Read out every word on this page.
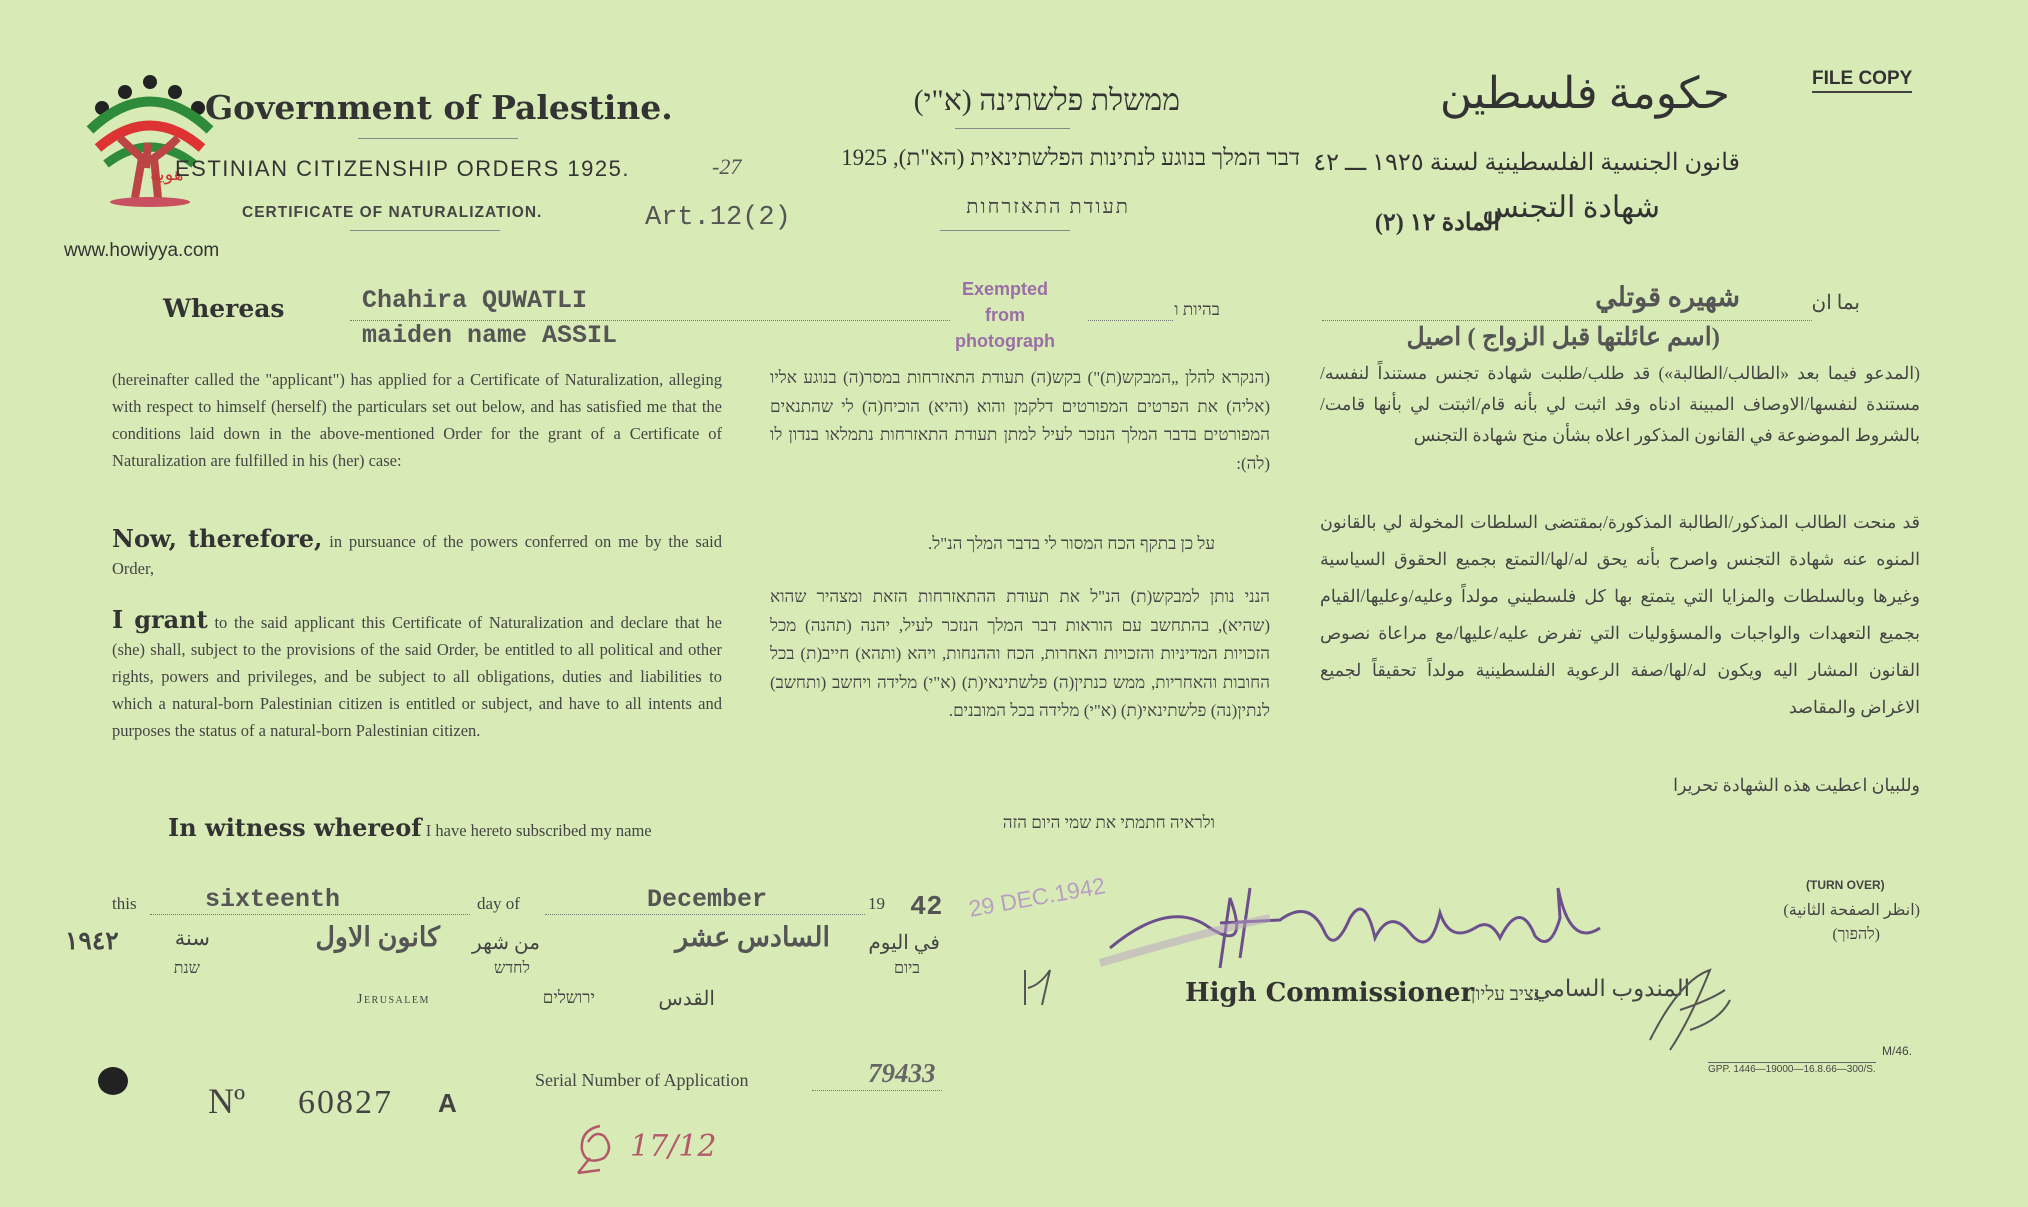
هوية
www.howiyya.com
Government of Palestine.	ממשלת פלשתינה (א"י)	حكومة فلسطين	FILE COPY
ESTINIAN CITIZENSHIP ORDERS 1925.	-27	דבר המלך בנוגע לנתינות הפלשתינאית (הא"ת), 1925 قانون الجنسية الفلسطينية لسنة ١٩٢٥ ـــ ٤٢
CERTIFICATE OF NATURALIZATION.	Art.12(2)	תעודת התאזרחות	شهادة التجنس
المادة ١٢ (٢)
Whereas	Chahira QUWATLI
maiden name ASSIL
Exempted
from
photograph
בהיות ו	بما ان
شهيره قوتلي
(اسم عائلتها قبل الزواج ) اصيل
(hereinafter called the "applicant") has applied for a Certificate of Naturalization, alleging with respect to himself (herself) the particulars set out below, and has satisfied me that the conditions laid down in the above-mentioned Order for the grant of a Certificate of Naturalization are fulfilled in his (her) case:
Now, therefore, in pursuance of the powers conferred on me by the said Order,
I grant to the said applicant this Certificate of Naturalization and declare that he (she) shall, subject to the provisions of the said Order, be entitled to all political and other rights, powers and privileges, and be subject to all obligations, duties and liabilities to which a natural-born Palestinian citizen is entitled or subject, and have to all intents and purposes the status of a natural-born Palestinian citizen.
In witness whereof I have hereto subscribed my name
(הנקרא להלן „המבקש(ת)") בקש(ה) תעודת התאזרחות במסר(ה) בנוגע אליו (אליה) את הפרטים המפורטים דלקמן והוא (והיא) הוכיח(ה) לי שהתנאים המפורטים בדבר המלך הנזכר לעיל למתן תעודת התאזרחות נתמלאו בנדון לו (לה):
על כן בתקף הכח המסור לי בדבר המלך הנ"ל.
הנני נותן למבקש(ת) הנ"ל את תעודת ההתאזרחות הזאת ומצהיר שהוא (שהיא), בהתחשב עם הוראות דבר המלך הנזכר לעיל, יהנה (תהנה) מכל הזכויות המדיניות והזכויות האחרות, הכח וההנחות, ויהא (ותהא) חייב(ת) בכל החובות והאחריות, ממש כנתין(ה) פלשתינאי(ת) (א"י) מלידה ויחשב (ותחשב) לנתין(נה) פלשתינאי(ת) (א"י) מלידה בכל המובנים.
ולראיה חתמתי את שמי היום הזה
(المدعو فيما بعد «الطالب/الطالبة») قد طلب/طلبت شهادة تجنس مستنداً لنفسه/مستندة لنفسها/الاوصاف المبينة ادناه وقد اثبت لي بأنه قام/اثبتت لي بأنها قامت/بالشروط الموضوعة في القانون المذكور اعلاه بشأن منح شهادة التجنس
قد منحت الطالب المذكور/الطالبة المذكورة/بمقتضى السلطات المخولة لي بالقانون المنوه عنه شهادة التجنس واصرح بأنه يحق له/لها/التمتع بجميع الحقوق السياسية وغيرها وبالسلطات والمزايا التي يتمتع بها كل فلسطيني مولداً وعليه/وعليها/القيام بجميع التعهدات والواجبات والمسؤوليات التي تفرض عليه/عليها/مع مراعاة نصوص القانون المشار اليه ويكون له/لها/صفة الرعوية الفلسطينية مولداً تحقيقاً لجميع الاغراض والمقاصد
وللبيان اعطيت هذه الشهادة تحريرا
this	sixteenth	day of	December	19 42 29 DEC.1942
١٩٤٢	سنة	كانون الاول	من شهر	السادس عشر	في اليوم
שנת	לחדש	ביום
Jerusalem	ירושלים	القدس	High Commissioner
נציב עליון
المندوب السامي
(TURN OVER)
(انظر الصفحة الثانية)
(להפוך)
Nº 60827 A
Serial Number of Application	79433
17/12
M/46.
GPP. 1446—19000—16.8.66—300/S.
